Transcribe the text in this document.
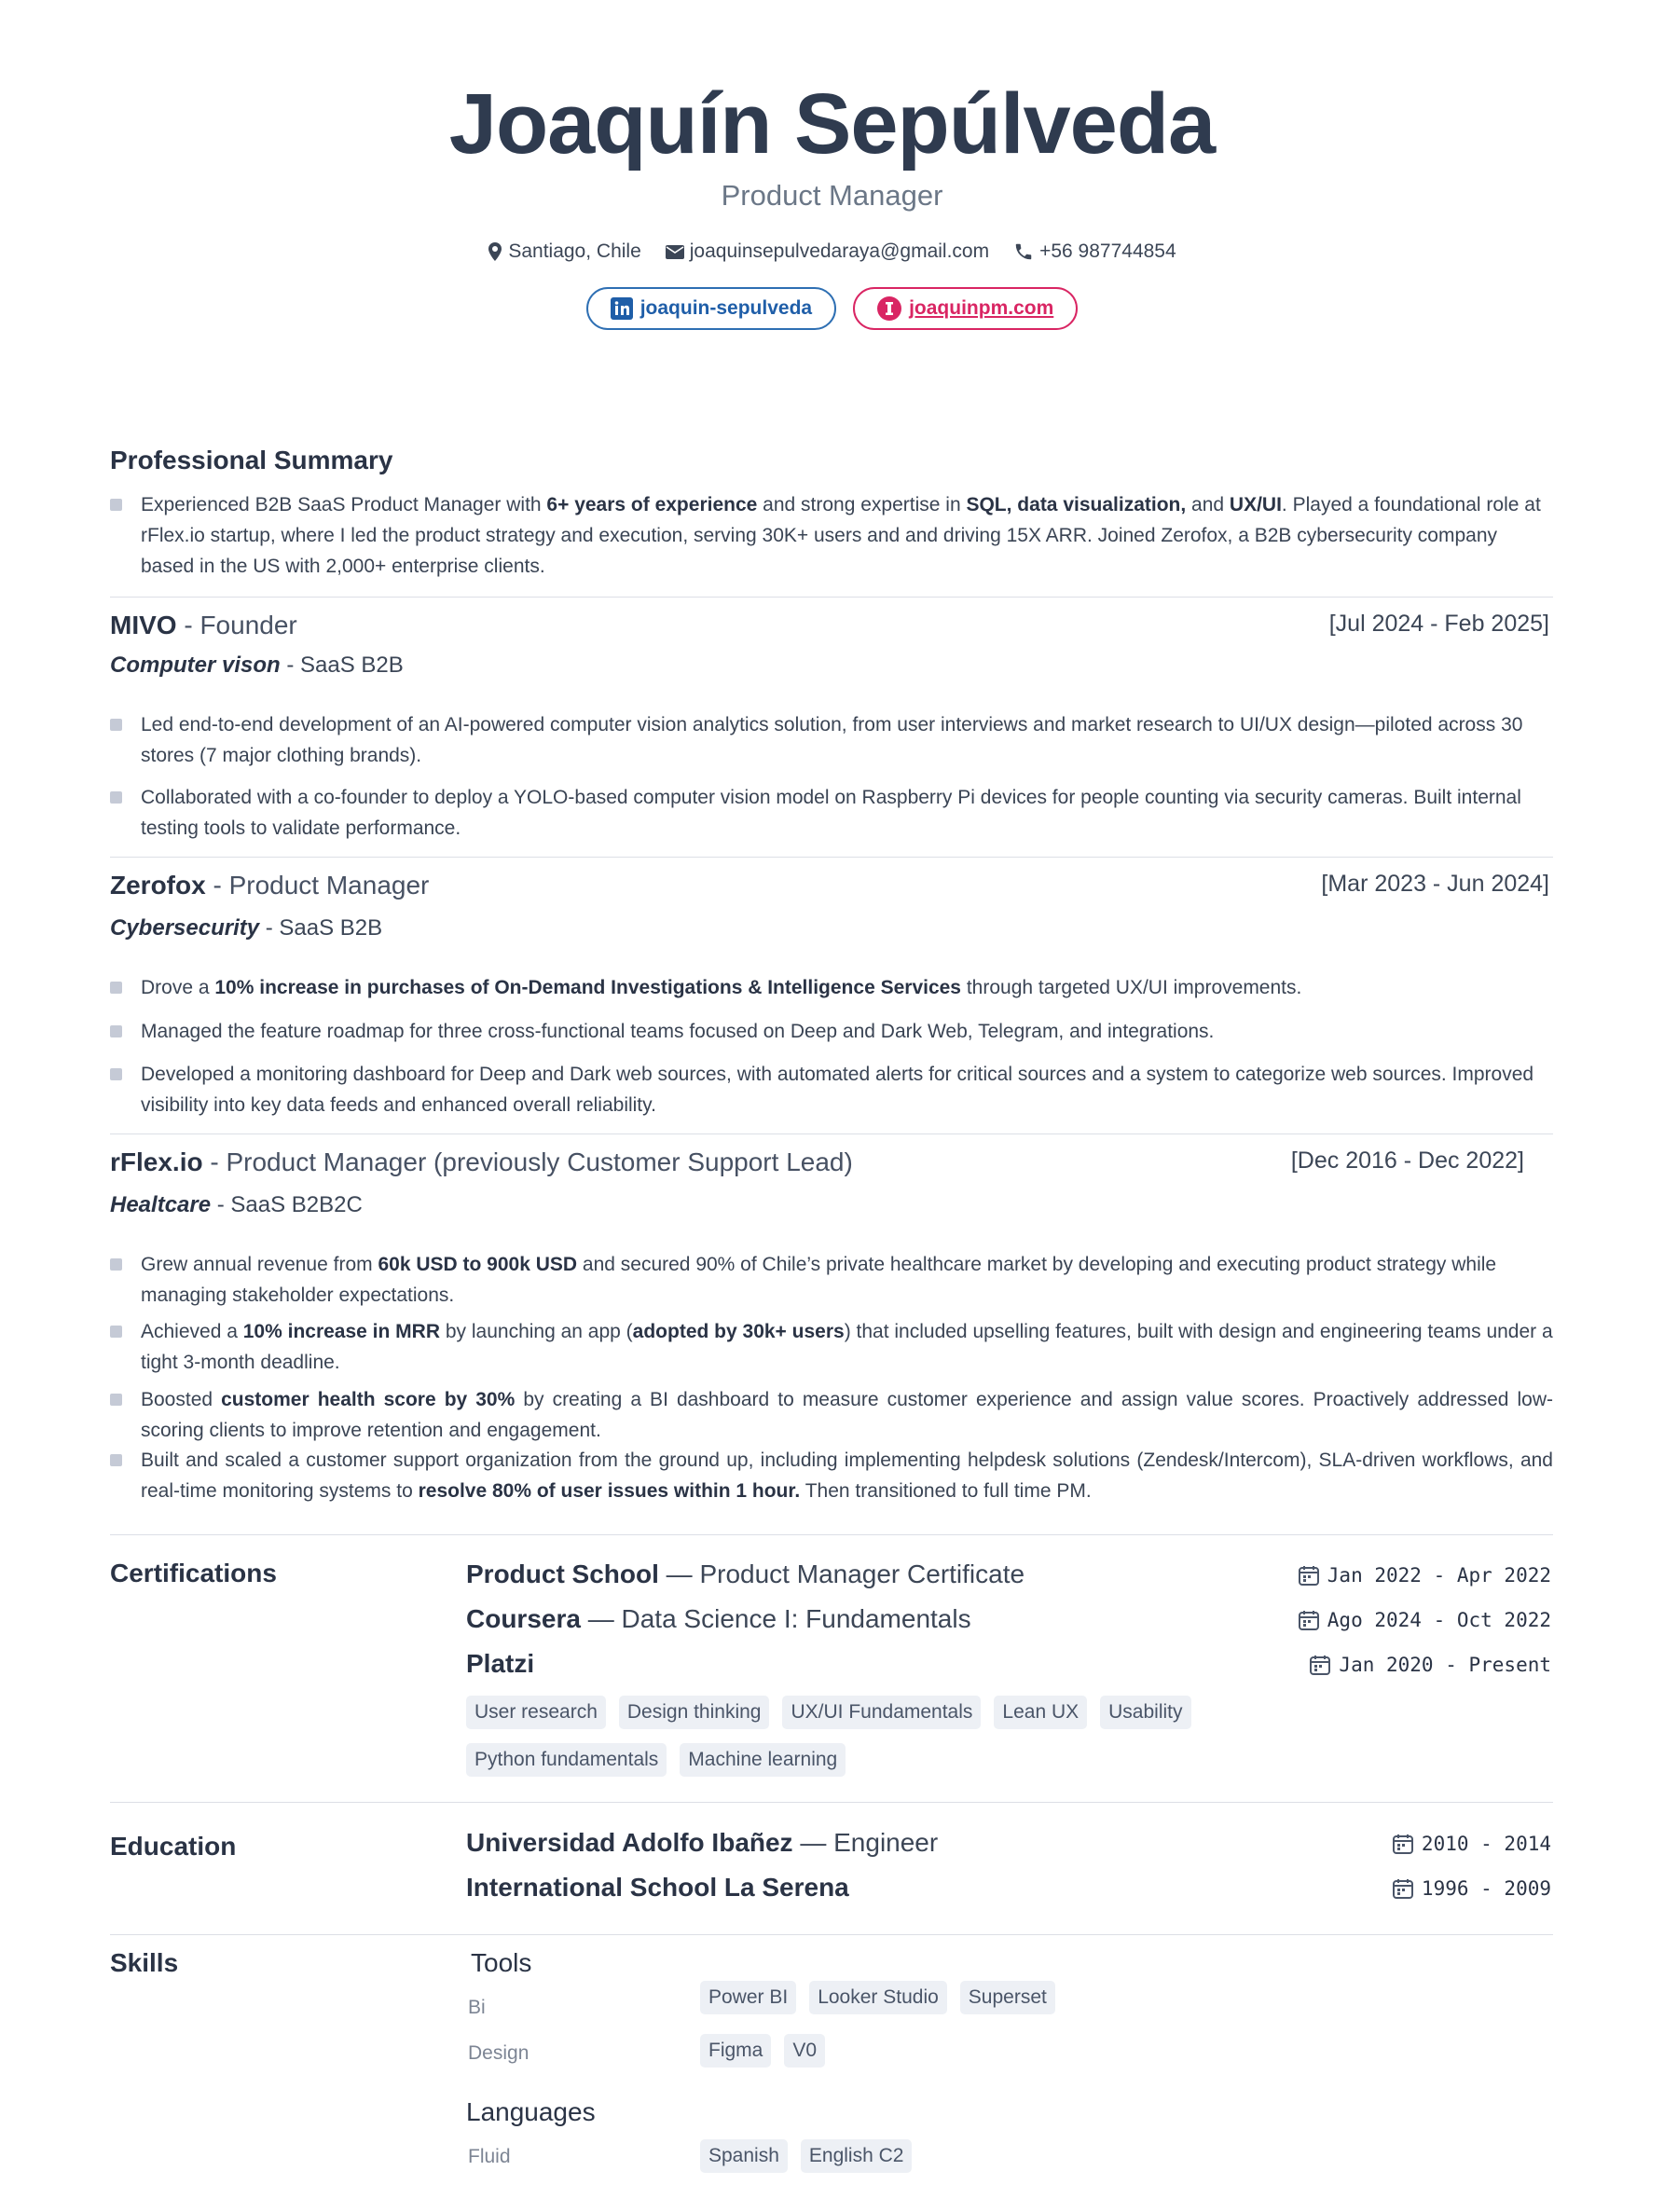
Joaquín Sepúlveda
Product Manager
Santiago, Chile joaquinsepulvedaraya@gmail.com	+56 987744854
joaquin-sepulveda	joaquinpm.com
Professional Summary
Experienced B2B SaaS Product Manager with 6+ years of experience and strong expertise in SQL, data visualization, and UX/UI. Played a foundational role at rFlex.io startup, where I led the product strategy and execution, serving 30K+ users and and driving 15X ARR. Joined Zerofox, a B2B cybersecurity company based in the US with 2,000+ enterprise clients.
MIVO - Founder	[Jul 2024 - Feb 2025]
Computer vison - SaaS B2B
Led end-to-end development of an AI-powered computer vision analytics solution, from user interviews and market research to UI/UX design—piloted across 30 stores (7 major clothing brands).
Collaborated with a co-founder to deploy a YOLO-based computer vision model on Raspberry Pi devices for people counting via security cameras. Built internal testing tools to validate performance.
Zerofox - Product Manager	[Mar 2023 - Jun 2024]
Cybersecurity - SaaS B2B
Drove a 10% increase in purchases of On-Demand Investigations & Intelligence Services through targeted UX/UI improvements.
Managed the feature roadmap for three cross-functional teams focused on Deep and Dark Web, Telegram, and integrations.
Developed a monitoring dashboard for Deep and Dark web sources, with automated alerts for critical sources and a system to categorize web sources. Improved visibility into key data feeds and enhanced overall reliability.
rFlex.io - Product Manager (previously Customer Support Lead)	[Dec 2016 - Dec 2022]
Healtcare - SaaS B2B2C
Grew annual revenue from 60k USD to 900k USD and secured 90% of Chile’s private healthcare market by developing and executing product strategy while managing stakeholder expectations.
Achieved a 10% increase in MRR by launching an app (adopted by 30k+ users) that included upselling features, built with design and engineering teams under a tight 3-month deadline.
Boosted customer health score by 30% by creating a BI dashboard to measure customer experience and assign value scores. Proactively addressed low-scoring clients to improve retention and engagement.
Built and scaled a customer support organization from the ground up, including implementing helpdesk solutions (Zendesk/Intercom), SLA-driven workflows, and real-time monitoring systems to resolve 80% of user issues within 1 hour. Then transitioned to full time PM.
Certifications	Product School — Product Manager Certificate	Jan 2022 - Apr 2022
Coursera — Data Science I: Fundamentals	Ago 2024 - Oct 2022
Platzi	Jan 2020 - Present
User research Design thinking UX/UI Fundamentals Lean UX Usability
Python fundamentals Machine learning
Education	Universidad Adolfo Ibañez — Engineer	2010 - 2014
International School La Serena	1996 - 2009
Skills	Tools
Bi	Power BI Looker Studio Superset
Design	Figma V0
Languages
Fluid	Spanish English C2
